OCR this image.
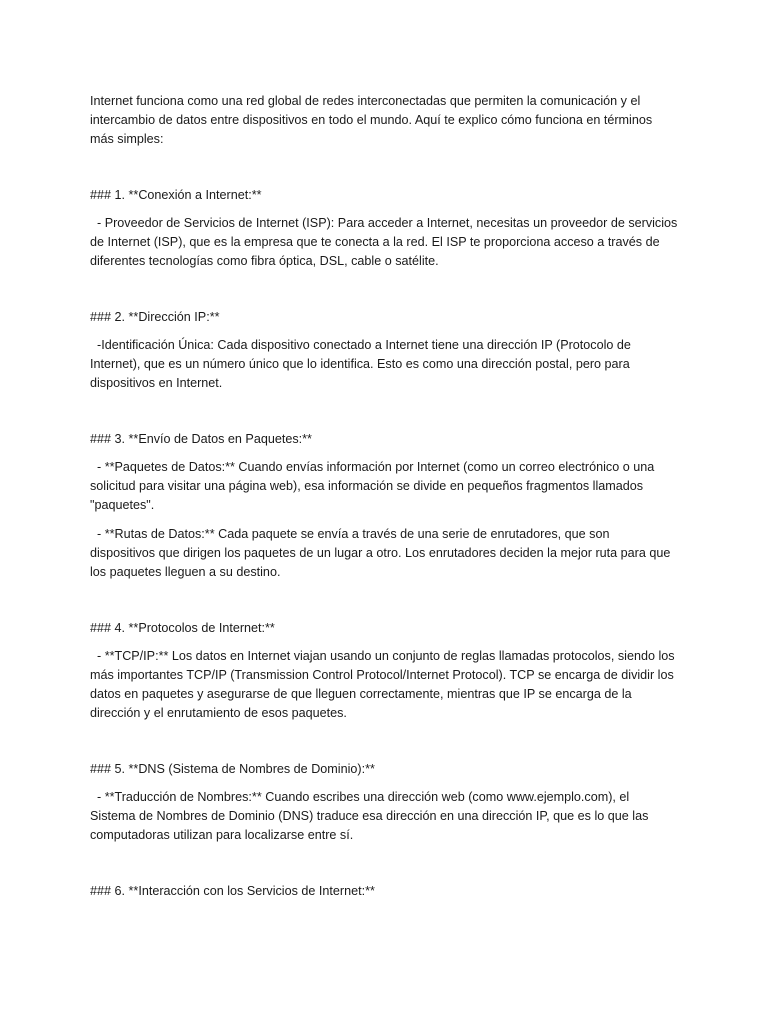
Internet funciona como una red global de redes interconectadas que permiten la comunicación y el intercambio de datos entre dispositivos en todo el mundo. Aquí te explico cómo funciona en términos más simples:

### 1. **Conexión a Internet:**

- Proveedor de Servicios de Internet (ISP): Para acceder a Internet, necesitas un proveedor de servicios de Internet (ISP), que es la empresa que te conecta a la red. El ISP te proporciona acceso a través de diferentes tecnologías como fibra óptica, DSL, cable o satélite.

### 2. **Dirección IP:**

-Identificación Única: Cada dispositivo conectado a Internet tiene una dirección IP (Protocolo de Internet), que es un número único que lo identifica. Esto es como una dirección postal, pero para dispositivos en Internet.

### 3. **Envío de Datos en Paquetes:**

- **Paquetes de Datos:** Cuando envías información por Internet (como un correo electrónico o una solicitud para visitar una página web), esa información se divide en pequeños fragmentos llamados "paquetes".

- **Rutas de Datos:** Cada paquete se envía a través de una serie de enrutadores, que son dispositivos que dirigen los paquetes de un lugar a otro. Los enrutadores deciden la mejor ruta para que los paquetes lleguen a su destino.

### 4. **Protocolos de Internet:**

- **TCP/IP:** Los datos en Internet viajan usando un conjunto de reglas llamadas protocolos, siendo los más importantes TCP/IP (Transmission Control Protocol/Internet Protocol). TCP se encarga de dividir los datos en paquetes y asegurarse de que lleguen correctamente, mientras que IP se encarga de la dirección y el enrutamiento de esos paquetes.

### 5. **DNS (Sistema de Nombres de Dominio):**

- **Traducción de Nombres:** Cuando escribes una dirección web (como www.ejemplo.com), el Sistema de Nombres de Dominio (DNS) traduce esa dirección en una dirección IP, que es lo que las computadoras utilizan para localizarse entre sí.

### 6. **Interacción con los Servicios de Internet:**
